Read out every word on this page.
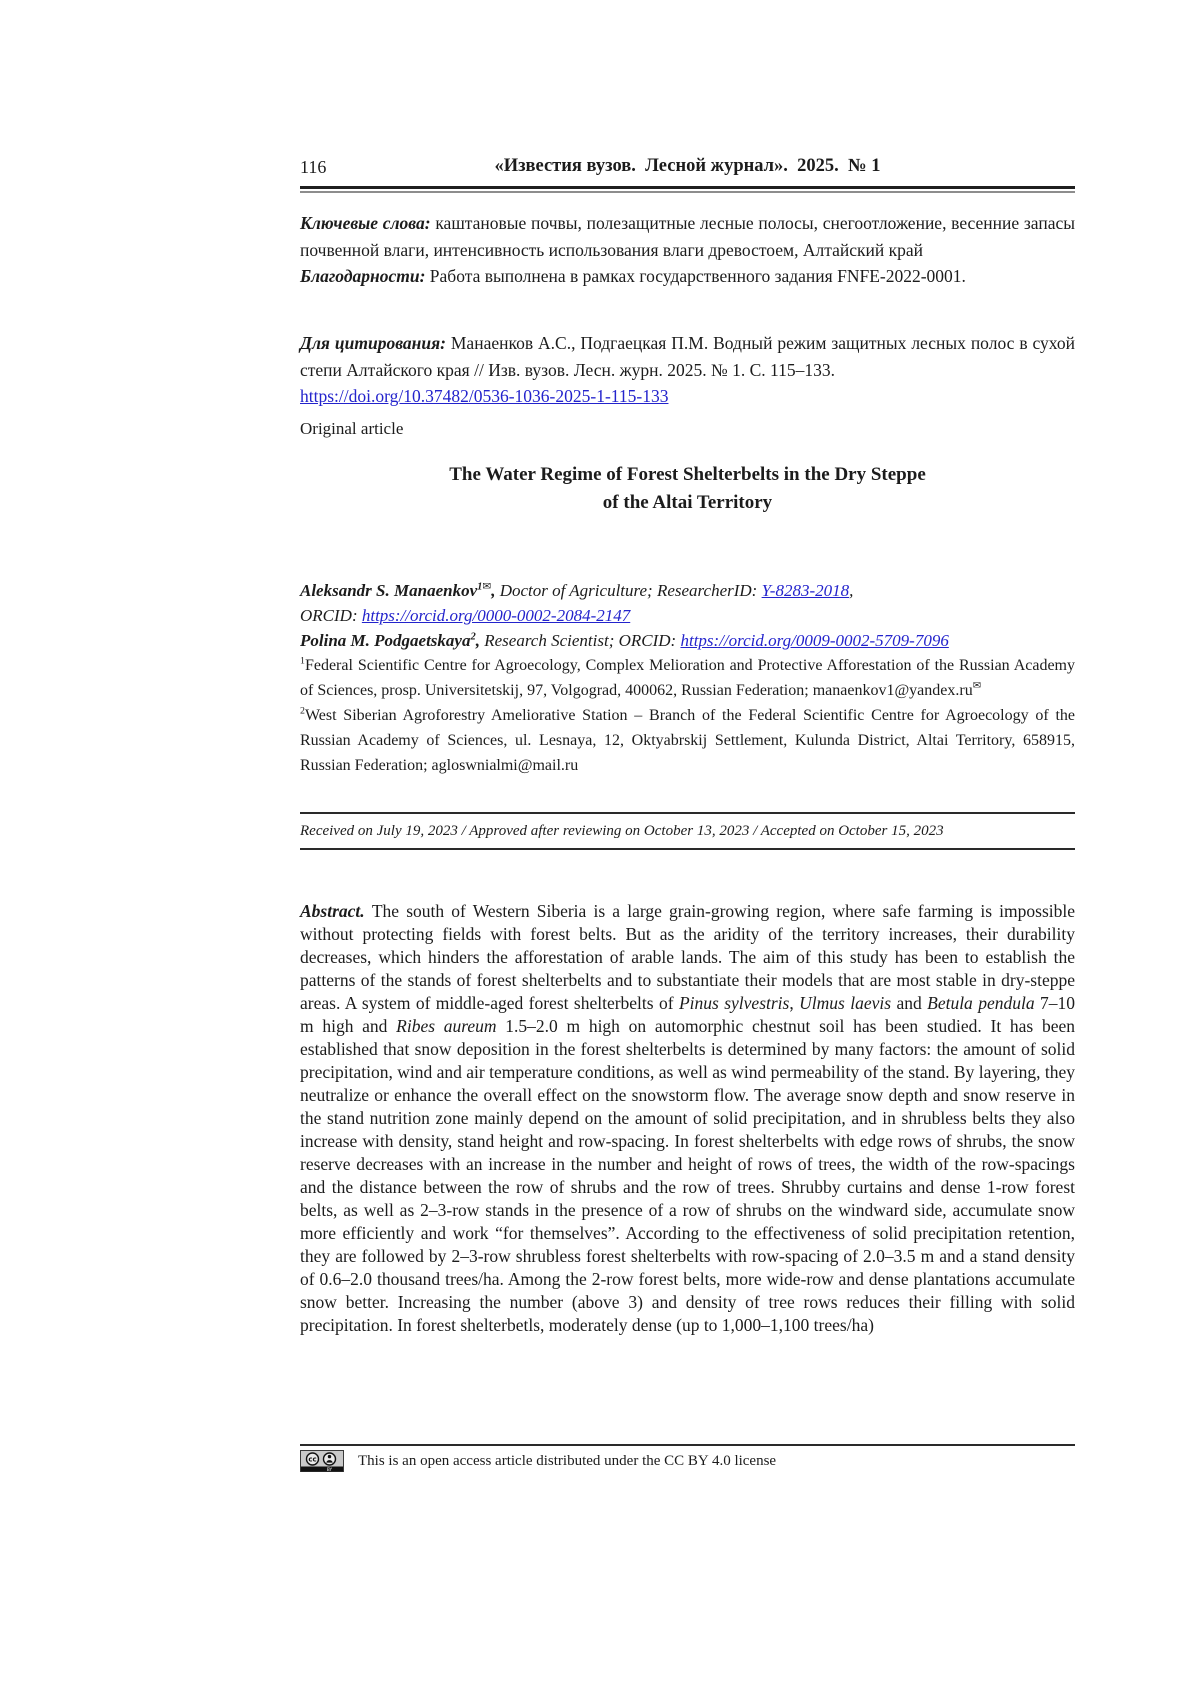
116	«Известия вузов. Лесной журнал». 2025. № 1
Ключевые слова: каштановые почвы, полезащитные лесные полосы, снегоотложение, весенние запасы почвенной влаги, интенсивность использования влаги древостоем, Алтайский край
Благодарности: Работа выполнена в рамках государственного задания FNFE-2022-0001.
Для цитирования: Манаенков А.С., Подгаецкая П.М. Водный режим защитных лесных полос в сухой степи Алтайского края // Изв. вузов. Лесн. журн. 2025. № 1. С. 115–133.
https://doi.org/10.37482/0536-1036-2025-1-115-133
Original article
The Water Regime of Forest Shelterbelts in the Dry Steppe
of the Altai Territory
Aleksandr S. Manaenkov$^{1✉}$, Doctor of Agriculture; ResearcherID: Y-8283-2018,
ORCID: https://orcid.org/0000-0002-2084-2147
Polina M. Podgaetskaya$^2$, Research Scientist; ORCID: https://orcid.org/0009-0002-5709-7096
$^1$Federal Scientific Centre for Agroecology, Complex Melioration and Protective Afforestation of the Russian Academy of Sciences, prosp. Universitetskij, 97, Volgograd, 400062, Russian Federation; manaenkov1@yandex.ru✉
$^2$West Siberian Agroforestry Ameliorative Station – Branch of the Federal Scientific Centre for Agroecology of the Russian Academy of Sciences, ul. Lesnaya, 12, Oktyabrskij Settlement, Kulunda District, Altai Territory, 658915, Russian Federation; agloswnialmi@mail.ru
Received on July 19, 2023 / Approved after reviewing on October 13, 2023 / Accepted on October 15, 2023
Abstract. The south of Western Siberia is a large grain-growing region, where safe farming is impossible without protecting fields with forest belts. But as the aridity of the territory increases, their durability decreases, which hinders the afforestation of arable lands. The aim of this study has been to establish the patterns of the stands of forest shelterbelts and to substantiate their models that are most stable in dry-steppe areas. A system of middle-aged forest shelterbelts of Pinus sylvestris, Ulmus laevis and Betula pendula 7–10 m high and Ribes aureum 1.5–2.0 m high on automorphic chestnut soil has been studied. It has been established that snow deposition in the forest shelterbelts is determined by many factors: the amount of solid precipitation, wind and air temperature conditions, as well as wind permeability of the stand. By layering, they neutralize or enhance the overall effect on the snowstorm flow. The average snow depth and snow reserve in the stand nutrition zone mainly depend on the amount of solid precipitation, and in shrubless belts they also increase with density, stand height and row-spacing. In forest shelterbelts with edge rows of shrubs, the snow reserve decreases with an increase in the number and height of rows of trees, the width of the row-spacings and the distance between the row of shrubs and the row of trees. Shrubby curtains and dense 1-row forest belts, as well as 2–3-row stands in the presence of a row of shrubs on the windward side, accumulate snow more efficiently and work “for themselves”. According to the effectiveness of solid precipitation retention, they are followed by 2–3-row shrubless forest shelterbelts with row-spacing of 2.0–3.5 m and a stand density of 0.6–2.0 thousand trees/ha. Among the 2-row forest belts, more wide-row and dense plantations accumulate snow better. Increasing the number (above 3) and density of tree rows reduces their filling with solid precipitation. In forest shelterbetls, moderately dense (up to 1,000–1,100 trees/ha)
cc
BY
This is an open access article distributed under the CC BY 4.0 license
